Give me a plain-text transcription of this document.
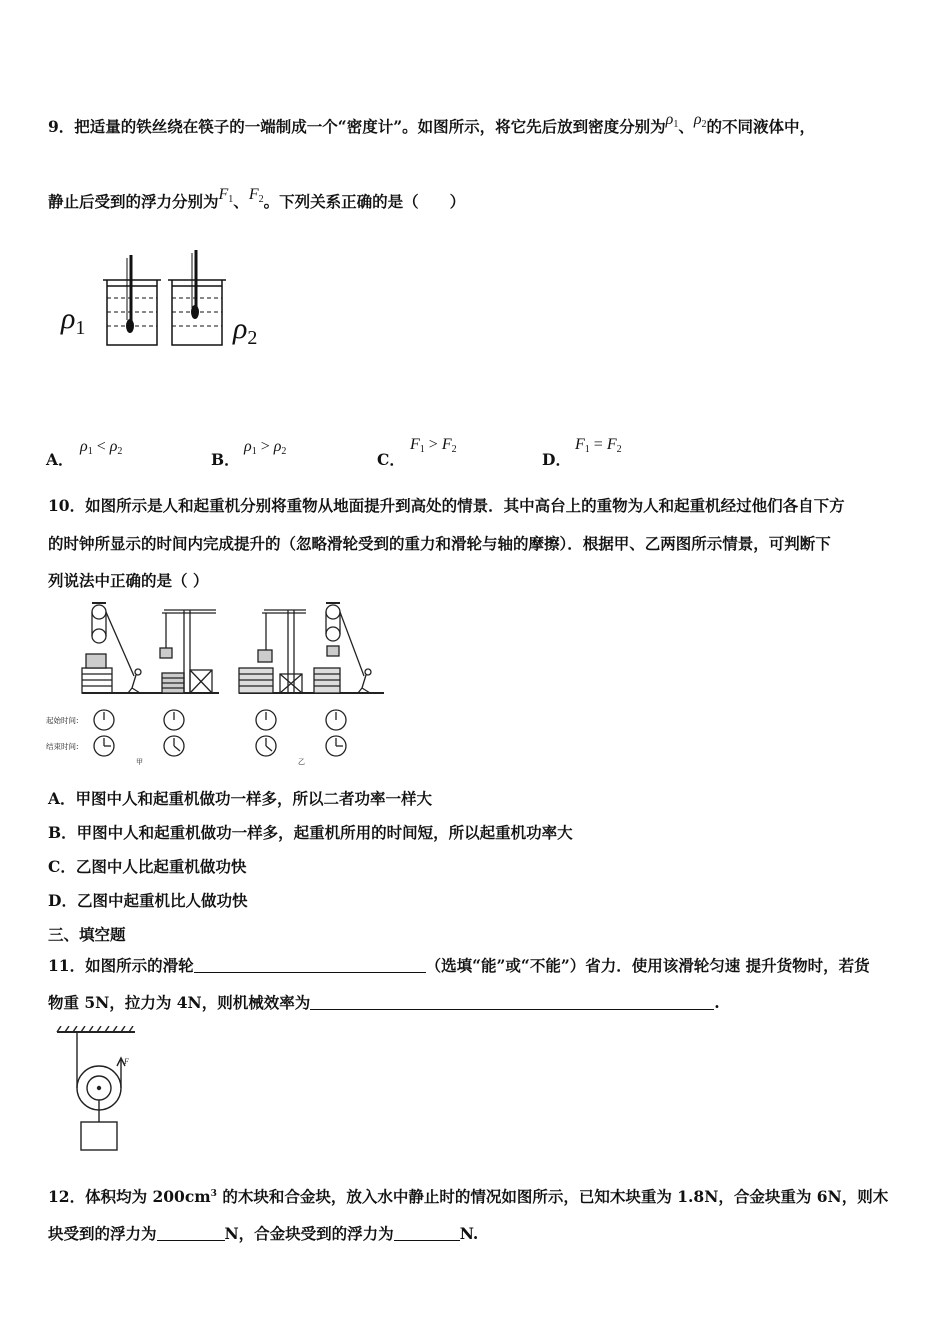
9．把适量的铁丝绕在筷子的一端制成一个“密度计”。如图所示，将它先后放到密度分别为$\rho_1$、$\rho_2$的不同液体中，
静止后受到的浮力分别为$F_1$、$F_2$。下列关系正确的是（　　）
$\rho_1$	$\rho_2$
A．
$\rho_1 < \rho_2$	B．
$\rho_1 > \rho_2$	C．
$F_1 > F_2$
D．
$F_1 = F_2$
10．如图所示是人和起重机分别将重物从地面提升到高处的情景．其中高台上的重物为人和起重机经过他们各自下方
的时钟所显示的时间内完成提升的（忽略滑轮受到的重力和滑轮与轴的摩擦）．根据甲、乙两图所示情景，可判断下
列说法中正确的是（ ）
起始时间:
结束时间:
甲	乙
A．甲图中人和起重机做功一样多，所以二者功率一样大
B．甲图中人和起重机做功一样多，起重机所用的时间短，所以起重机功率大
C．乙图中人比起重机做功快
D．乙图中起重机比人做功快
三、填空题
11．如图所示的滑轮	（选填“能”或“不能”）省力．使用该滑轮匀速 提升货物时，若货
物重 5N，拉力为 4N，则机械效率为	.
F
12．体积均为 $200cm^3$ 的木块和合金块，放入水中静止时的情况如图所示，已知木块重为 1.8N，合金块重为 6N，则木
块受到的浮力为	N，合金块受到的浮力为	N.
